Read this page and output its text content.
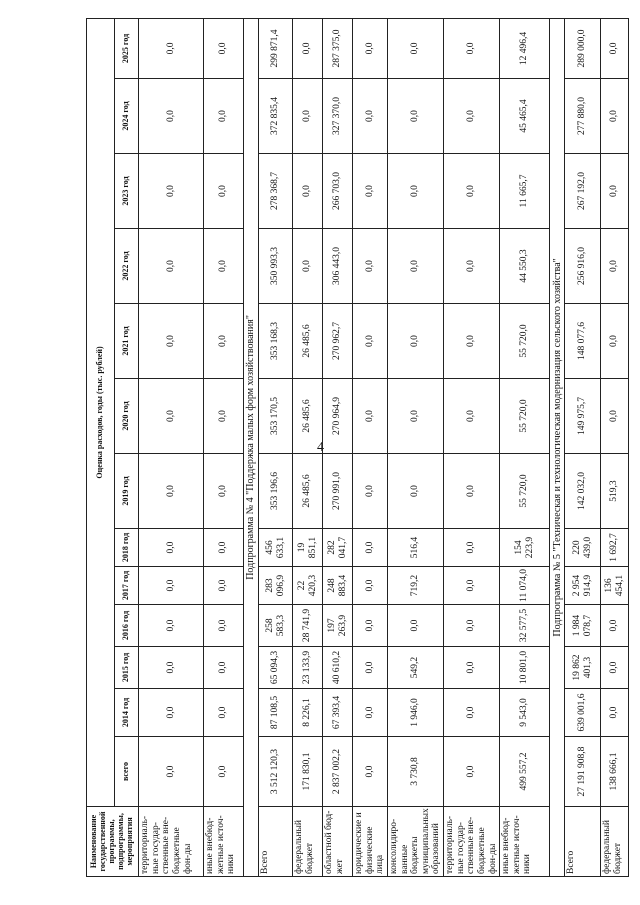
4
Наименование государственной программы, подпрограммы, мероприятия	Оценка расходов, годы (тыс. рублей)												
	всего	2014 год	2015 год	2016 год	2017 год	2018 год	2019 год	2020 год	2021 год	2022 год	2023 год	2024 год	2025 год
территориаль-ные государ-ственные вне-бюджетные фон-ды	0,0	0,0	0,0	0,0	0,0	0,0	0,0	0,0	0,0	0,0	0,0	0,0	0,0
иные внебюд-жетные источ-ники	0,0	0,0	0,0	0,0	0,0	0,0	0,0	0,0	0,0	0,0	0,0	0,0	0,0
Подпрограмма № 4 "Поддержка малых форм хозяйствования"													
Всего	3 512 120,3	87 108,5	65 094,3	258 583,3	283 096,9	456 633,1	353 196,6	353 170,5	353 168,3	350 993,3	278 368,7	372 835,4	299 871,4
федеральный бюджет	171 830,1	8 226,1	23 133,9	28 741,9	22 420,3	19 851,1	26 485,6	26 485,6	26 485,6	0,0	0,0	0,0	0,0
областной бюд-жет	2 837 002,2	67 393,4	40 610,2	197 263,9	248 883,4	282 041,7	270 991,0	270 964,9	270 962,7	306 443,0	266 703,0	327 370,0	287 375,0
юридические и физические лица	0,0	0,0	0,0	0,0	0,0	0,0	0,0	0,0	0,0	0,0	0,0	0,0	0,0
консолидиро-ванные бюджеты муниципальных образований	3 730,8	1 946,0	549,2	0,0	719,2	516,4	0,0	0,0	0,0	0,0	0,0	0,0	0,0
территориаль-ные государ-ственные вне-бюджетные фон-ды	0,0	0,0	0,0	0,0	0,0	0,0	0,0	0,0	0,0	0,0	0,0	0,0	0,0
иные внебюд-жетные источ-ники	499 557,2	9 543,0	10 801,0	32 577,5	11 074,0	154 223,9	55 720,0	55 720,0	55 720,0	44 550,3	11 665,7	45 465,4	12 496,4
Подпрограмма № 5 "Техническая и технологическая модернизация сельского хозяйства"													
Всего	27 191 908,8	639 001,6	19 862 401,3	1 984 078,7	2 954 914,9	220 439,0	142 032,0	149 975,7	148 077,6	256 916,0	267 192,0	277 880,0	289 000,0
федеральный бюджет	138 666,1	0,0	0,0	0,0	136 454,1	1 692,7	519,3	0,0	0,0	0,0	0,0	0,0	0,0
